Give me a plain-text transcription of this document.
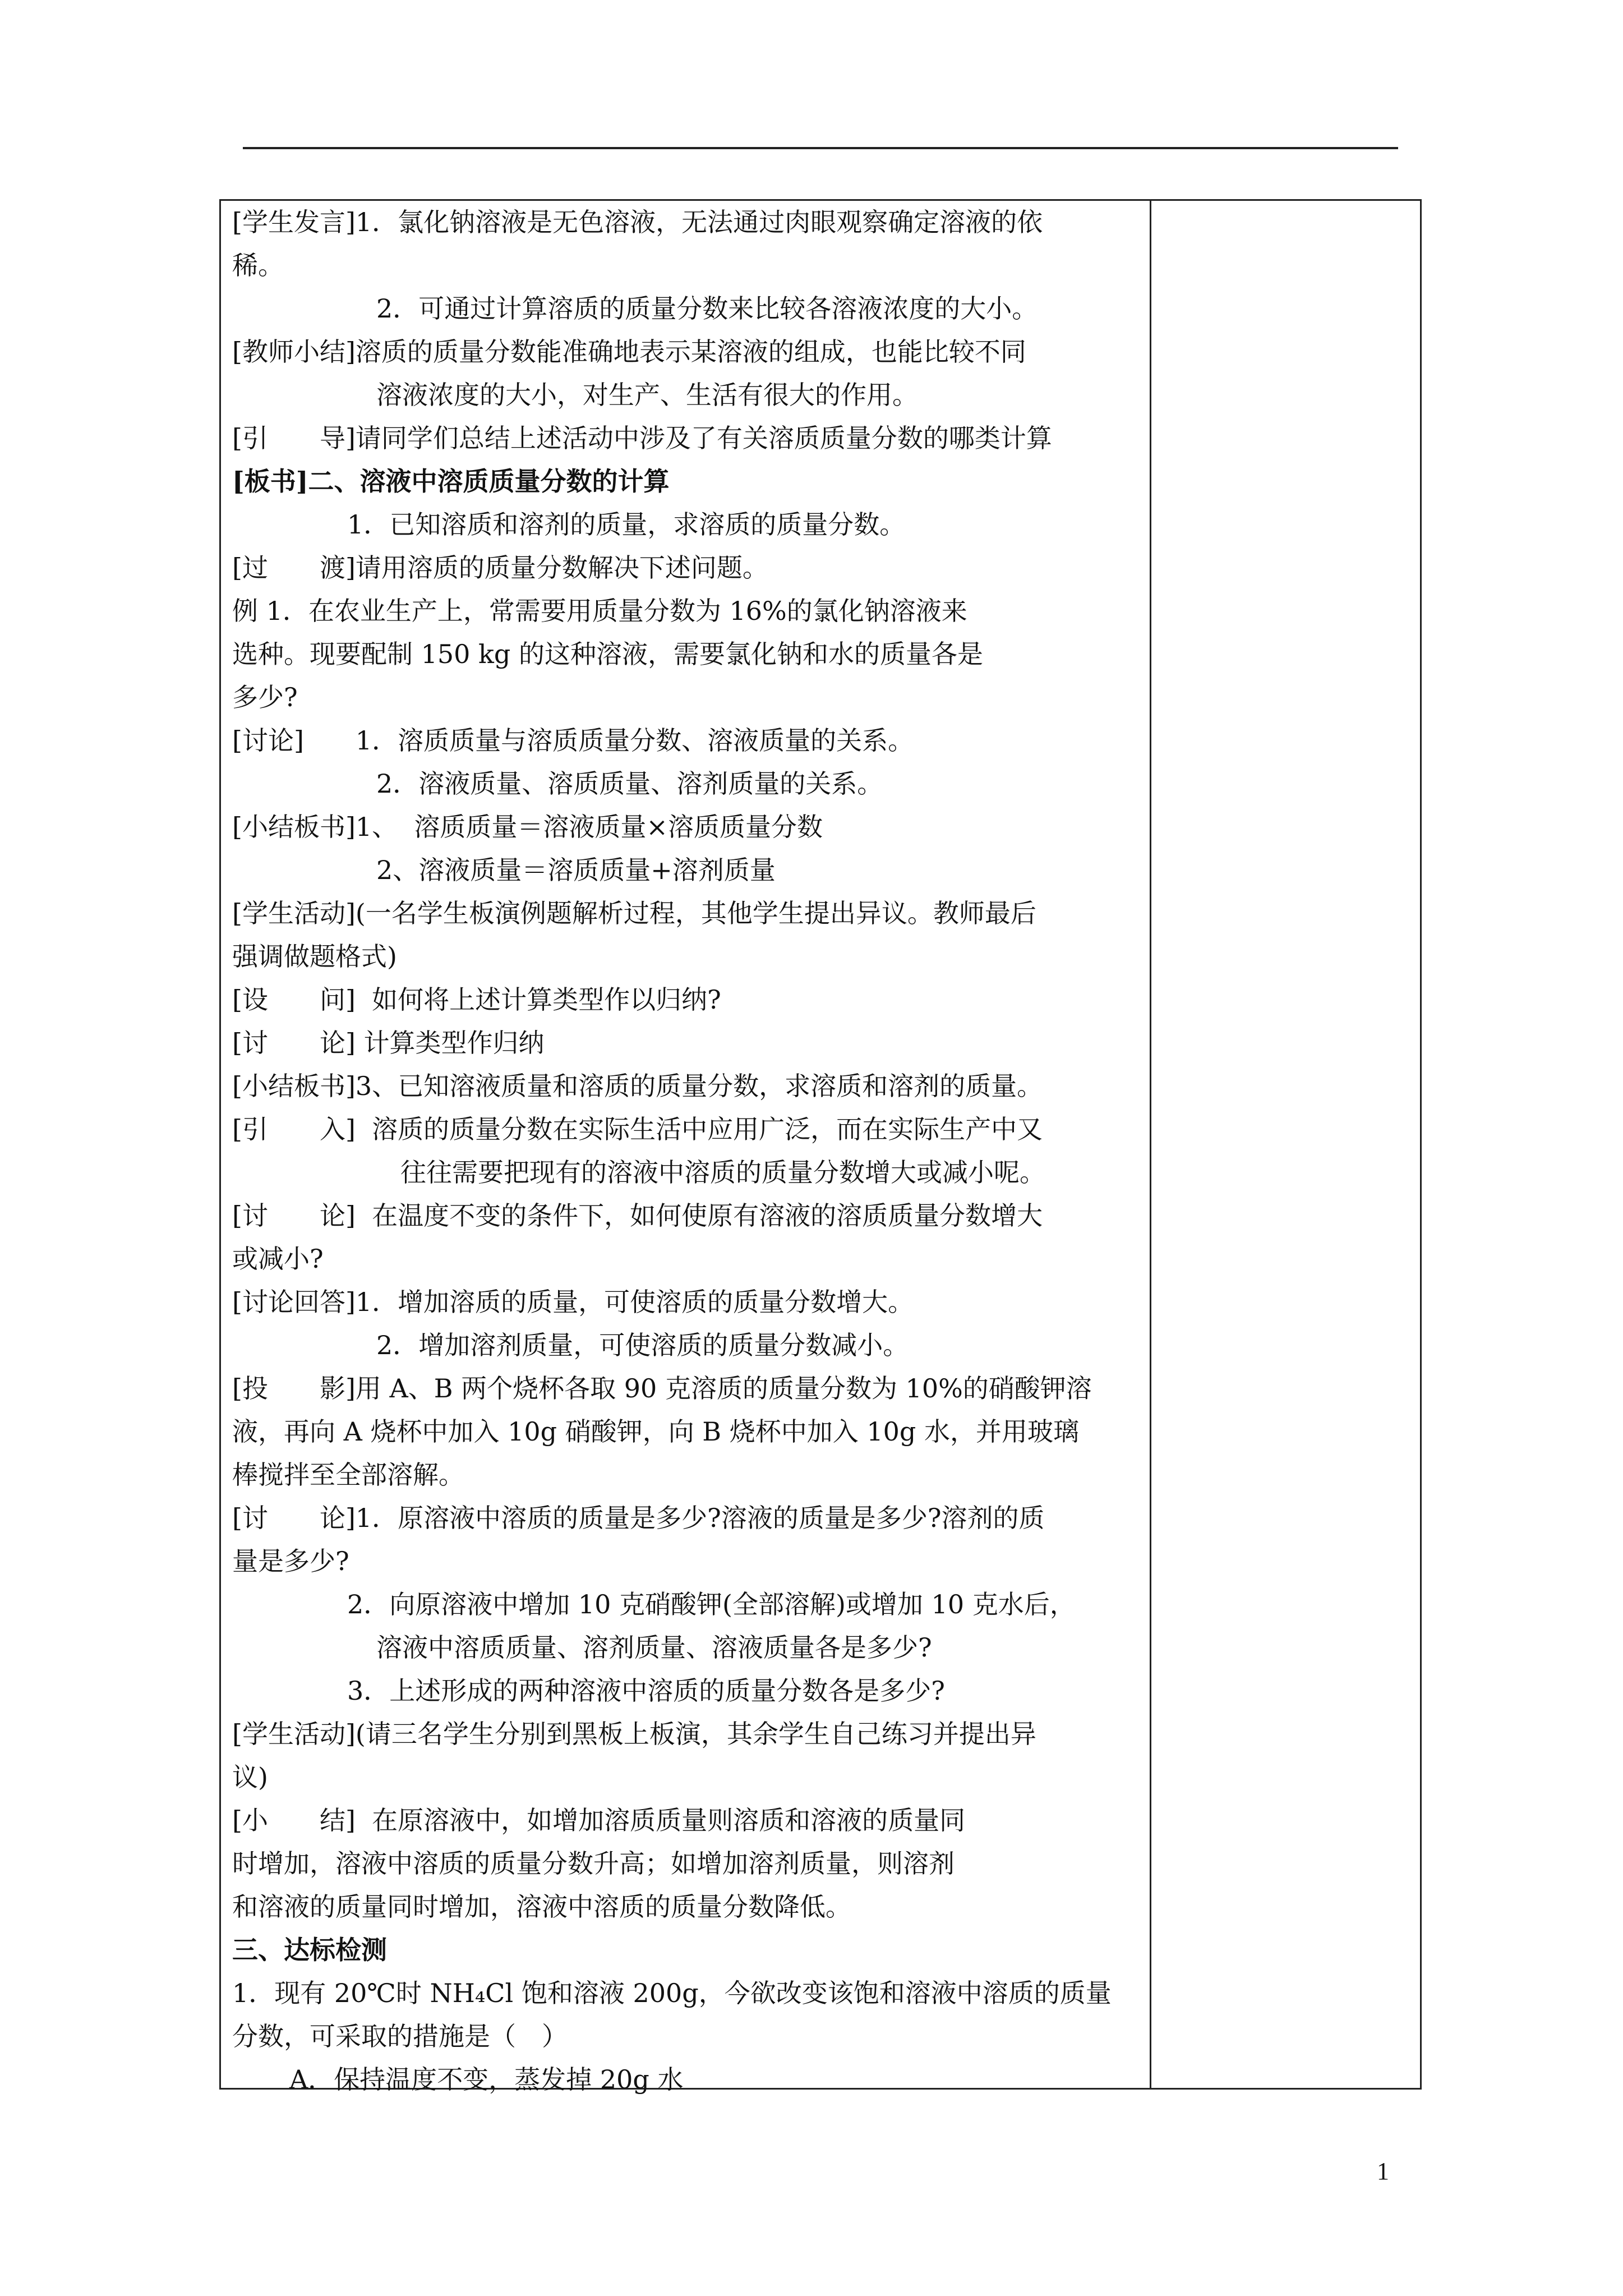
[学生发言]1．氯化钠溶液是无色溶液，无法通过肉眼观察确定溶液的依
稀。
2．可通过计算溶质的质量分数来比较各溶液浓度的大小。
[教师小结]溶质的质量分数能准确地表示某溶液的组成，也能比较不同
溶液浓度的大小，对生产、生活有很大的作用。
[引　　导]请同学们总结上述活动中涉及了有关溶质质量分数的哪类计算
[板书]二、溶液中溶质质量分数的计算
1．已知溶质和溶剂的质量，求溶质的质量分数。
[过　　渡]请用溶质的质量分数解决下述问题。
例 1．在农业生产上，常需要用质量分数为 16%的氯化钠溶液来
选种。现要配制 150 kg 的这种溶液，需要氯化钠和水的质量各是
多少?
[讨论]　　1．溶质质量与溶质质量分数、溶液质量的关系。
2．溶液质量、溶质质量、溶剂质量的关系。
[小结板书]1、  溶质质量＝溶液质量×溶质质量分数
2、溶液质量＝溶质质量+溶剂质量
[学生活动](一名学生板演例题解析过程，其他学生提出异议。教师最后
强调做题格式)
[设　　问]  如何将上述计算类型作以归纳?
[讨　　论] 计算类型作归纳
[小结板书]3、已知溶液质量和溶质的质量分数，求溶质和溶剂的质量。
[引　　入]  溶质的质量分数在实际生活中应用广泛，而在实际生产中又
往往需要把现有的溶液中溶质的质量分数增大或减小呢。
[讨　　论]  在温度不变的条件下，如何使原有溶液的溶质质量分数增大
或减小?
[讨论回答]1．增加溶质的质量，可使溶质的质量分数增大。
2．增加溶剂质量，可使溶质的质量分数减小。
[投　　影]用 A、B 两个烧杯各取 90 克溶质的质量分数为 10%的硝酸钾溶
液，再向 A 烧杯中加入 10g 硝酸钾，向 B 烧杯中加入 10g 水，并用玻璃
棒搅拌至全部溶解。
[讨　　论]1．原溶液中溶质的质量是多少?溶液的质量是多少?溶剂的质
量是多少?
2．向原溶液中增加 10 克硝酸钾(全部溶解)或增加 10 克水后，
溶液中溶质质量、溶剂质量、溶液质量各是多少?
3．上述形成的两种溶液中溶质的质量分数各是多少?
[学生活动](请三名学生分别到黑板上板演，其余学生自己练习并提出异
议)
[小　　结]  在原溶液中，如增加溶质质量则溶质和溶液的质量同
时增加，溶液中溶质的质量分数升高；如增加溶剂质量，则溶剂
和溶液的质量同时增加，溶液中溶质的质量分数降低。
三、达标检测
1．现有 20℃时 NH₄Cl 饱和溶液 200g，今欲改变该饱和溶液中溶质的质量
分数，可采取的措施是（　）
A．保持温度不变，蒸发掉 20g 水
1
